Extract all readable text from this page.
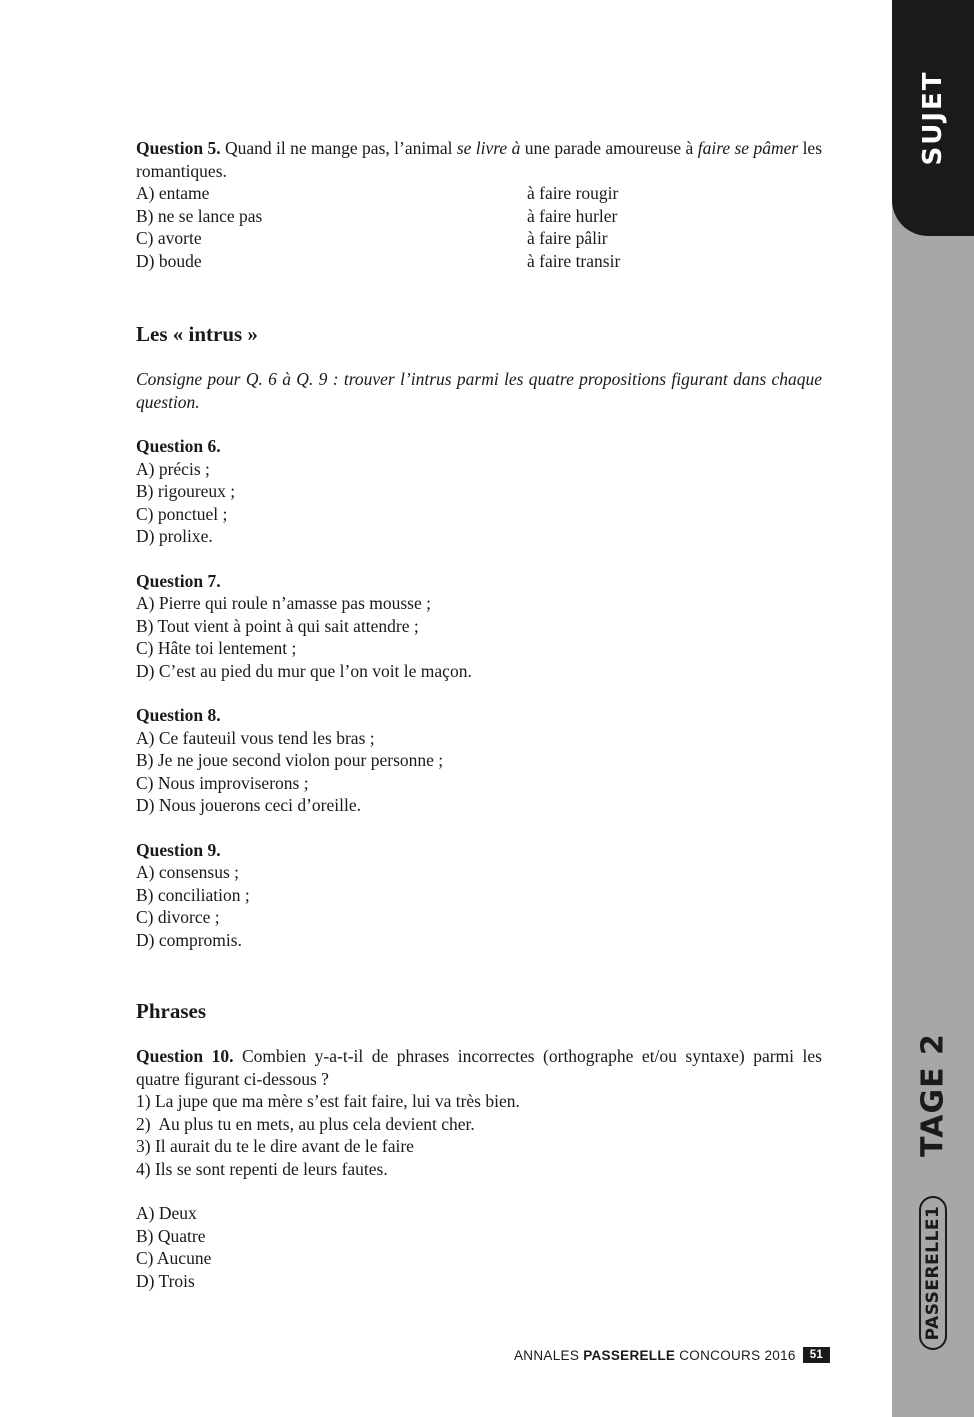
Question 5. Quand il ne mange pas, l’animal se livre à une parade amoureuse à faire se pâmer les romantiques.

A) entame	à faire rougir
B) ne se lance pas	à faire hurler
C) avorte	à faire pâlir
D) boude	à faire transir
Les « intrus »

Consigne pour Q. 6 à Q. 9 : trouver l’intrus parmi les quatre propositions figurant dans chaque question.

Question 6.

A) précis ;

B) rigoureux ;

C) ponctuel ;

D) prolixe.

Question 7.

A) Pierre qui roule n’amasse pas mousse ;

B) Tout vient à point à qui sait attendre ;

C) Hâte toi lentement ;

D) C’est au pied du mur que l’on voit le maçon.

Question 8.

A) Ce fauteuil vous tend les bras ;

B) Je ne joue second violon pour personne ;

C) Nous improviserons ;

D) Nous jouerons ceci d’oreille.

Question 9.

A) consensus ;

B) conciliation ;

C) divorce ;

D) compromis.

Phrases

Question 10. Combien y-a-t-il de phrases incorrectes (orthographe et/ou syntaxe) parmi les quatre figurant ci-dessous ?

1) La jupe que ma mère s’est fait faire, lui va très bien.

2)  Au plus tu en mets, au plus cela devient cher.

3) Il aurait du te le dire avant de le faire

4) Ils se sont repenti de leurs fautes.

A) Deux

B) Quatre

C) Aucune

D) Trois

SUJET
TAGE 2
PASSERELLE1
ANNALES PASSERELLE CONCOURS 2016	51
